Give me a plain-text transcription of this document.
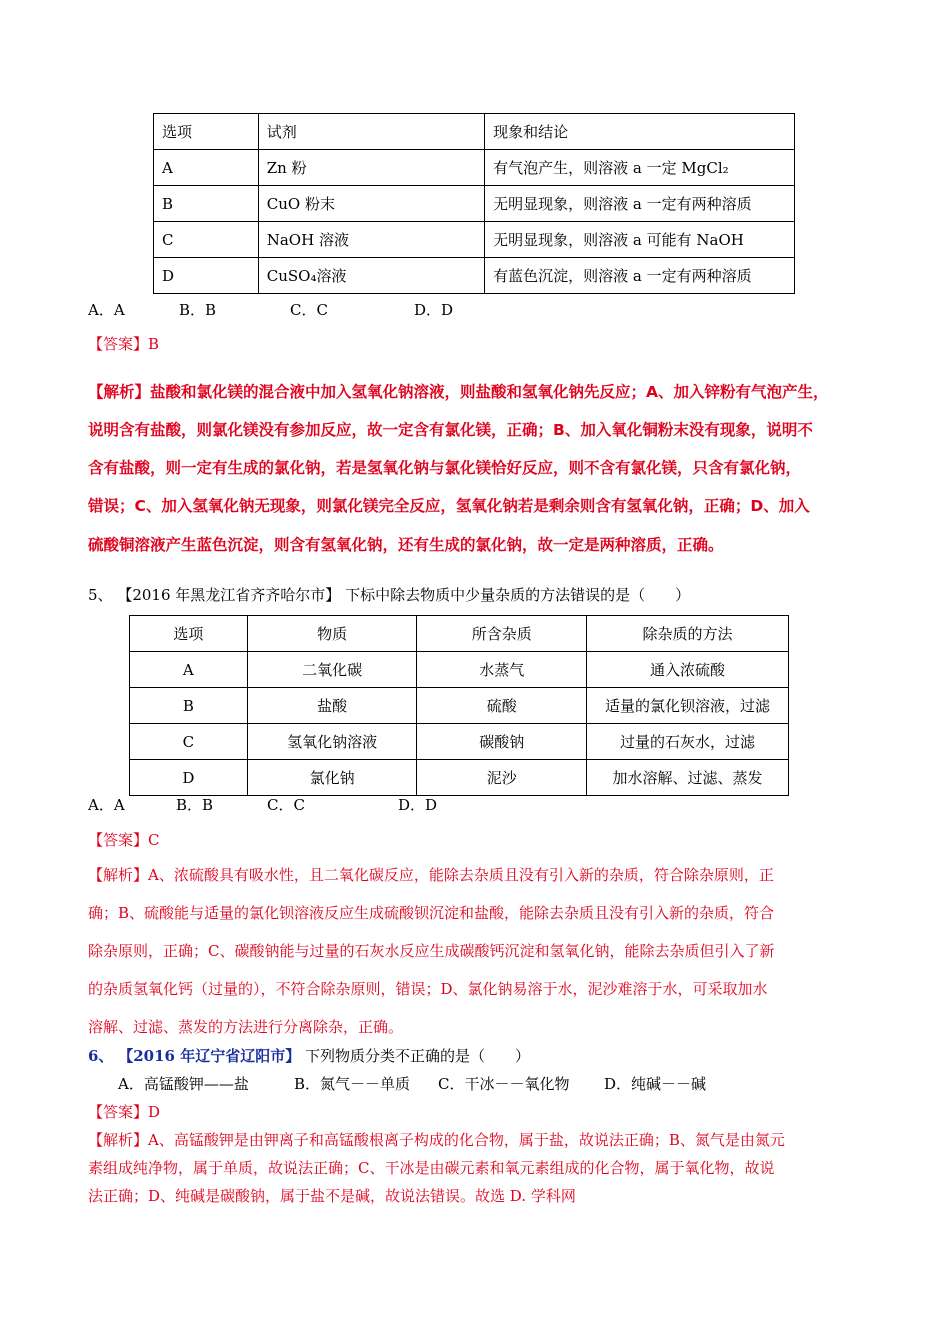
选项	试剂	现象和结论
A	Zn 粉	有气泡产生，则溶液 a 一定 MgCl₂
B	CuO 粉末	无明显现象，则溶液 a 一定有两种溶质
C	NaOH 溶液	无明显现象，则溶液 a 可能有 NaOH
D	CuSO₄溶液	有蓝色沉淀，则溶液 a 一定有两种溶质
A．A	B．B	C．C	D．D
【答案】B
【解析】盐酸和氯化镁的混合液中加入氢氧化钠溶液，则盐酸和氢氧化钠先反应；A、加入锌粉有气泡产生，
说明含有盐酸，则氯化镁没有参加反应，故一定含有氯化镁，正确；B、加入氧化铜粉末没有现象，说明不
含有盐酸，则一定有生成的氯化钠，若是氢氧化钠与氯化镁恰好反应，则不含有氯化镁，只含有氯化钠，
错误；C、加入氢氧化钠无现象，则氯化镁完全反应，氢氧化钠若是剩余则含有氢氧化钠，正确；D、加入
硫酸铜溶液产生蓝色沉淀，则含有氢氧化钠，还有生成的氯化钠，故一定是两种溶质，正确。
5、 【2016 年黑龙江省齐齐哈尔市】 下标中除去物质中少量杂质的方法错误的是（　　）
选项	物质	所含杂质	除杂质的方法
A	二氧化碳	水蒸气	通入浓硫酸
B	盐酸	硫酸	适量的氯化钡溶液，过滤
C	氢氧化钠溶液	碳酸钠	过量的石灰水，过滤
D	氯化钠	泥沙	加水溶解、过滤、蒸发
A．A	B．B	C．C	D．D
【答案】C
【解析】A、浓硫酸具有吸水性，且二氧化碳反应，能除去杂质且没有引入新的杂质，符合除杂原则，正
确；B、硫酸能与适量的氯化钡溶液反应生成硫酸钡沉淀和盐酸，能除去杂质且没有引入新的杂质，符合
除杂原则，正确；C、碳酸钠能与过量的石灰水反应生成碳酸钙沉淀和氢氧化钠，能除去杂质但引入了新
的杂质氢氧化钙（过量的），不符合除杂原则，错误；D、氯化钠易溶于水，泥沙难溶于水，可采取加水
溶解、过滤、蒸发的方法进行分离除杂，正确。
6、 【2016 年辽宁省辽阳市】 下列物质分类不正确的是（　　）
A．高锰酸钾——盐	B．氮气－－单质 C．干冰－－氧化物 D．纯碱－－碱
【答案】D
【解析】A、高锰酸钾是由钾离子和高锰酸根离子构成的化合物，属于盐，故说法正确；B、氮气是由氮元
素组成纯净物，属于单质，故说法正确；C、干冰是由碳元素和氧元素组成的化合物，属于氧化物，故说
法正确；D、纯碱是碳酸钠，属于盐不是碱，故说法错误。故选 D. 学科网
